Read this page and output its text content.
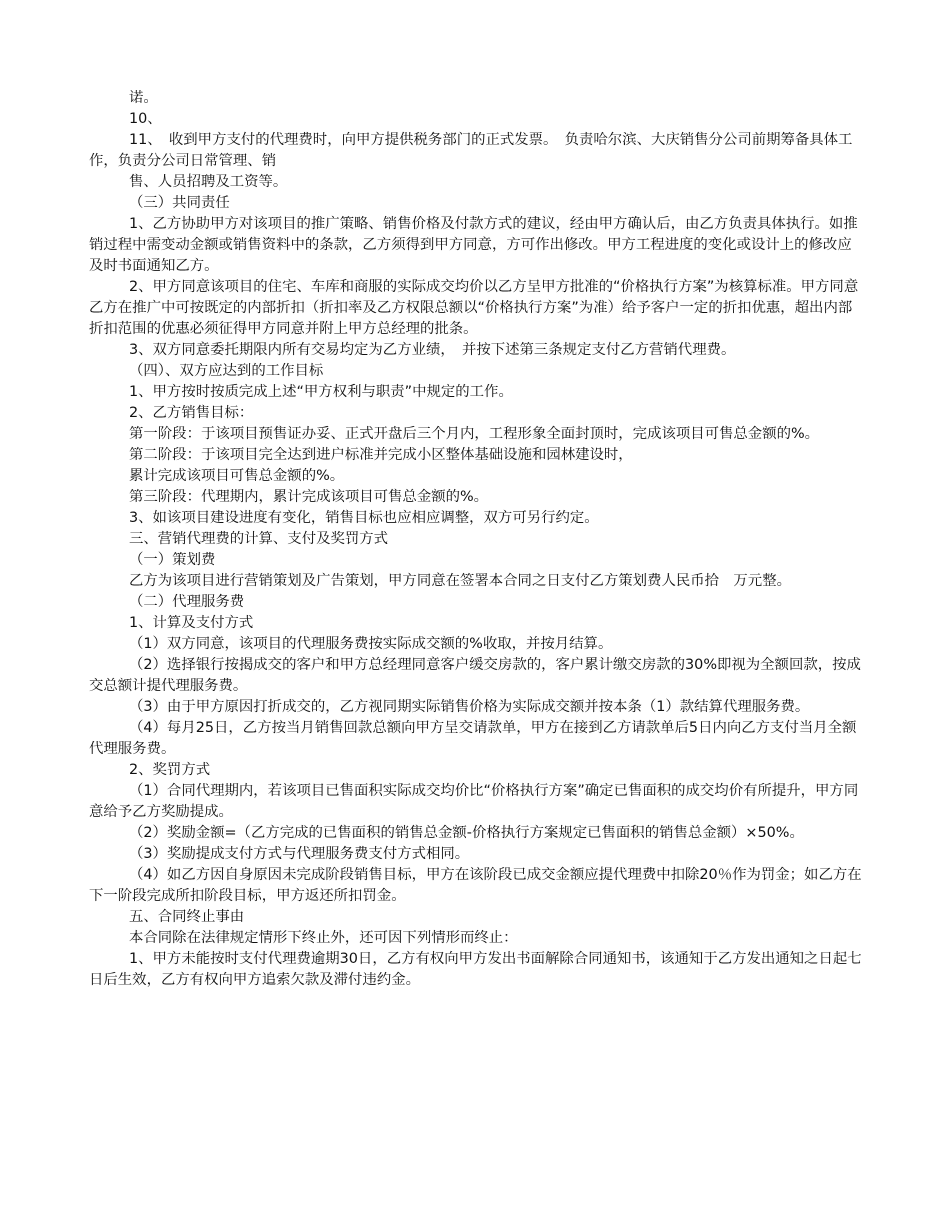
诺。

10、

11、　收到甲方支付的代理费时，向甲方提供税务部门的正式发票。　负责哈尔滨、大庆销售分公司前期筹备具体工作，负责分公司日常管理、销

售、人员招聘及工资等。

（三）共同责任

1、乙方协助甲方对该项目的推广策略、销售价格及付款方式的建议，经由甲方确认后，由乙方负责具体执行。如推销过程中需变动金额或销售资料中的条款，乙方须得到甲方同意，方可作出修改。甲方工程进度的变化或设计上的修改应及时书面通知乙方。

2、甲方同意该项目的住宅、车库和商服的实际成交均价以乙方呈甲方批准的“价格执行方案”为核算标准。甲方同意乙方在推广中可按既定的内部折扣（折扣率及乙方权限总额以“价格执行方案”为准）给予客户一定的折扣优惠，超出内部折扣范围的优惠必须征得甲方同意并附上甲方总经理的批条。

3、双方同意委托期限内所有交易均定为乙方业绩，　并按下述第三条规定支付乙方营销代理费。

（四）、双方应达到的工作目标

1、甲方按时按质完成上述“甲方权利与职责”中规定的工作。

2、乙方销售目标：

第一阶段：于该项目预售证办妥、正式开盘后三个月内，工程形象全面封顶时，完成该项目可售总金额的%。

第二阶段：于该项目完全达到进户标准并完成小区整体基础设施和园林建设时，

累计完成该项目可售总金额的%。

第三阶段：代理期内，累计完成该项目可售总金额的%。

3、如该项目建设进度有变化，销售目标也应相应调整，双方可另行约定。

三、营销代理费的计算、支付及奖罚方式

（一）策划费

乙方为该项目进行营销策划及广告策划，甲方同意在签署本合同之日支付乙方策划费人民币拾　万元整。

（二）代理服务费

1、计算及支付方式

（1）双方同意，该项目的代理服务费按实际成交额的%收取，并按月结算。

（2）选择银行按揭成交的客户和甲方总经理同意客户缓交房款的，客户累计缴交房款的30%即视为全额回款，按成交总额计提代理服务费。

（3）由于甲方原因打折成交的，乙方视同期实际销售价格为实际成交额并按本条（1）款结算代理服务费。

（4）每月25日，乙方按当月销售回款总额向甲方呈交请款单，甲方在接到乙方请款单后5日内向乙方支付当月全额代理服务费。

2、奖罚方式

（1）合同代理期内，若该项目已售面积实际成交均价比“价格执行方案”确定已售面积的成交均价有所提升，甲方同意给予乙方奖励提成。

（2）奖励金额=（乙方完成的已售面积的销售总金额-价格执行方案规定已售面积的销售总金额）×50%。

（3）奖励提成支付方式与代理服务费支付方式相同。

（4）如乙方因自身原因未完成阶段销售目标，甲方在该阶段已成交金额应提代理费中扣除20％作为罚金；如乙方在下一阶段完成所扣阶段目标，甲方返还所扣罚金。

五、合同终止事由

本合同除在法律规定情形下终止外，还可因下列情形而终止：

1、甲方未能按时支付代理费逾期30日，乙方有权向甲方发出书面解除合同通知书，该通知于乙方发出通知之日起七日后生效，乙方有权向甲方追索欠款及滞付违约金。
